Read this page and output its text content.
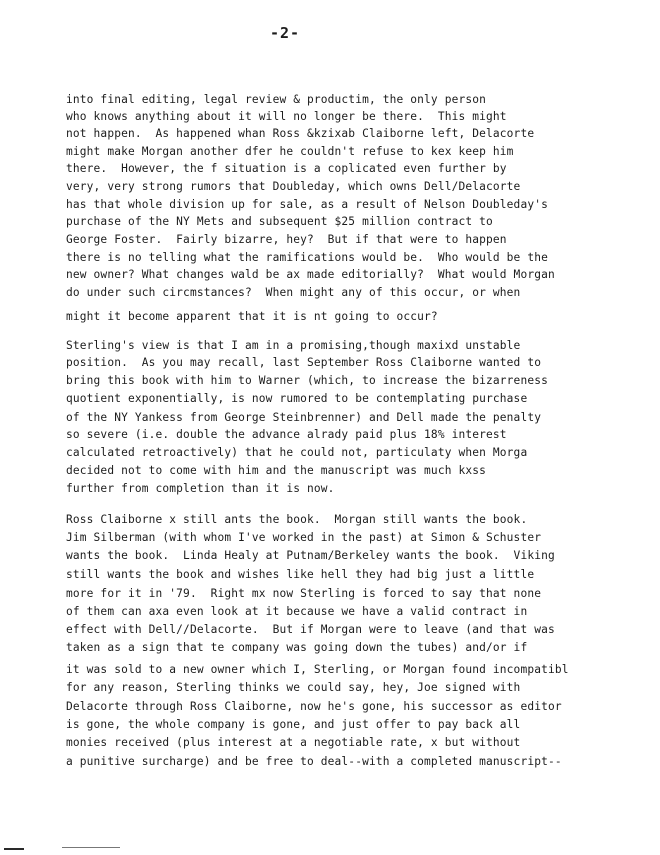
-2-
into final editing, legal review & productim, the only person
who knows anything about it will no longer be there.  This might
not happen.  As happened whan Ross &kzixab Claiborne left, Delacorte
might make Morgan another dfer he couldn't refuse to kex keep him
there.  However, the f situation is a coplicated even further by
very, very strong rumors that Doubleday, which owns Dell/Delacorte
has that whole division up for sale, as a result of Nelson Doubleday's
purchase of the NY Mets and subsequent $25 million contract to
George Foster.  Fairly bizarre, hey?  But if that were to happen
there is no telling what the ramifications would be.  Who would be the
new owner? What changes wald be ax made editorially?  What would Morgan
do under such circmstances?  When might any of this occur, or when
might it become apparent that it is nt going to occur?
Sterling's view is that I am in a promising,though maxixd unstable
position.  As you may recall, last September Ross Claiborne wanted to
bring this book with him to Warner (which, to increase the bizarreness
quotient exponentially, is now rumored to be contemplating purchase
of the NY Yankess from George Steinbrenner) and Dell made the penalty
so severe (i.e. double the advance alrady paid plus 18% interest
calculated retroactively) that he could not, particulaty when Morga
decided not to come with him and the manuscript was much kxss
further from completion than it is now.
Ross Claiborne x still ants the book.  Morgan still wants the book.
Jim Silberman (with whom I've worked in the past) at Simon & Schuster
wants the book.  Linda Healy at Putnam/Berkeley wants the book.  Viking
still wants the book and wishes like hell they had big just a little
more for it in '79.  Right mx now Sterling is forced to say that none
of them can axa even look at it because we have a valid contract in
effect with Dell//Delacorte.  But if Morgan were to leave (and that was
taken as a sign that te company was going down the tubes) and/or if
it was sold to a new owner which I, Sterling, or Morgan found incompatibl
for any reason, Sterling thinks we could say, hey, Joe signed with
Delacorte through Ross Claiborne, now he's gone, his successor as editor
is gone, the whole company is gone, and just offer to pay back all
monies received (plus interest at a negotiable rate, x but without
a punitive surcharge) and be free to deal--with a completed manuscript--
